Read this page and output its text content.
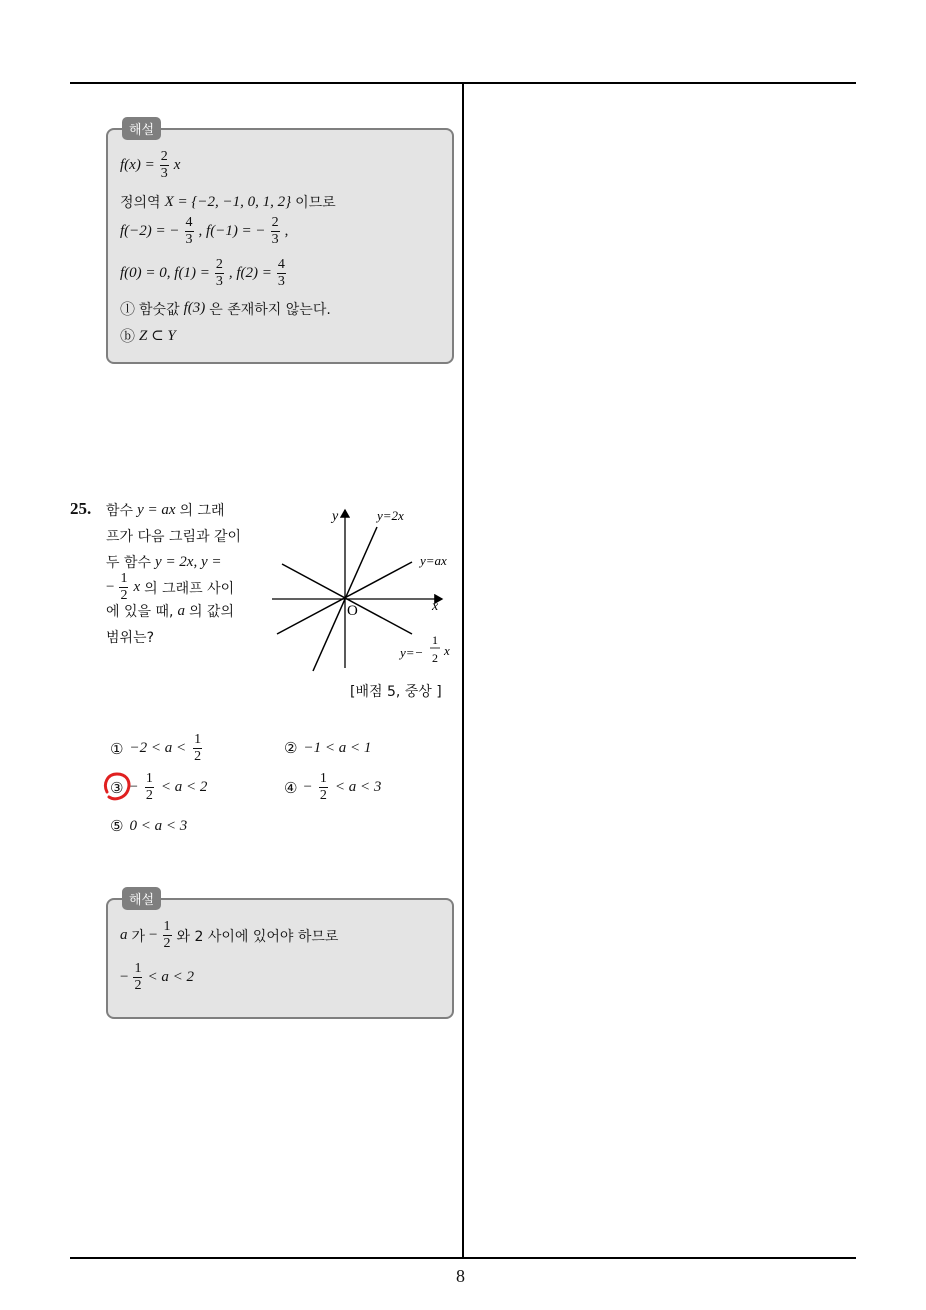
해설
$f(x) = \frac{2}{3}$ x
정의역 X = {−2, −1, 0, 1, 2} 이므로
f(−2) = − $\frac{4}{3}$ , f(−1) = − $\frac{2}{3}$ ,
f(0) = 0, $f(1) = \frac{2}{3}$ , $f(2) = \frac{4}{3}$
ⓛ 함숫값 f(3) 은 존재하지 않는다.
ⓑ Z ⊂ Y
25. 함수 y = ax 의 그래
프가 다음 그림과 같이
두 함수 y = 2x, y =
− $\frac{1}{2}$ x 의 그래프 사이
에 있을 때, a 의 값의
범위는?
y
x
O
y=2x
y=ax
y=−
1
2 x
[배점 5, 중상 ]
① $-2 < a < \frac{1}{2}$	② −1 < a < 1
③ − $\frac{1}{2} < a < 2$	④ − $\frac{1}{2} < a < 3$
⑤ 0 < a < 3
해설
a 가 − $\frac{1}{2}$ 와 2 사이에 있어야 하므로
− $\frac{1}{2} < a < 2$
8
